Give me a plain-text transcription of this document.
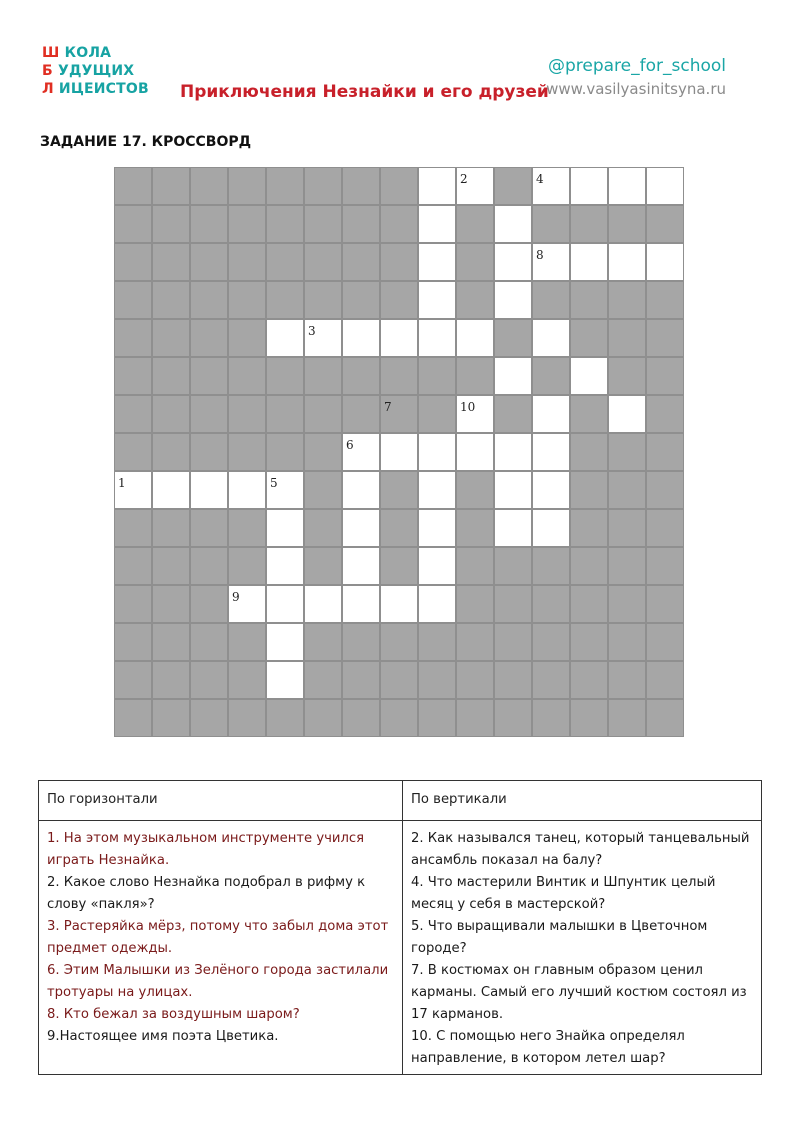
Ш КОЛА
Б УДУЩИХ
Л ИЦЕИСТОВ Приключения Незнайки и его друзей
@prepare_for_school
www.vasilyasinitsyna.ru
ЗАДАНИЕ 17. КРОССВОРД
2	4
8
3
7	10
6
1	5
9
По горизонтали	По вертикали

1. На этом музыкальном инструменте учился играть Незнайка.

2. Какое слово Незнайка подобрал в рифму к слову «пакля»?

3. Растеряйка мёрз, потому что забыл дома этот предмет одежды.

6. Этим Малышки из Зелёного города застилали тротуары на улицах.

8. Кто бежал за воздушным шаром?

9.Настоящее имя поэта Цветика.

2. Как назывался танец, который танцевальный ансамбль показал на балу?

4. Что мастерили Винтик и Шпунтик целый месяц у себя в мастерской?

5. Что выращивали малышки в Цветочном городе?

7. В костюмах он главным образом ценил карманы. Самый его лучший костюм состоял из 17 карманов.

10. С помощью него Знайка определял направление, в котором летел шар?
